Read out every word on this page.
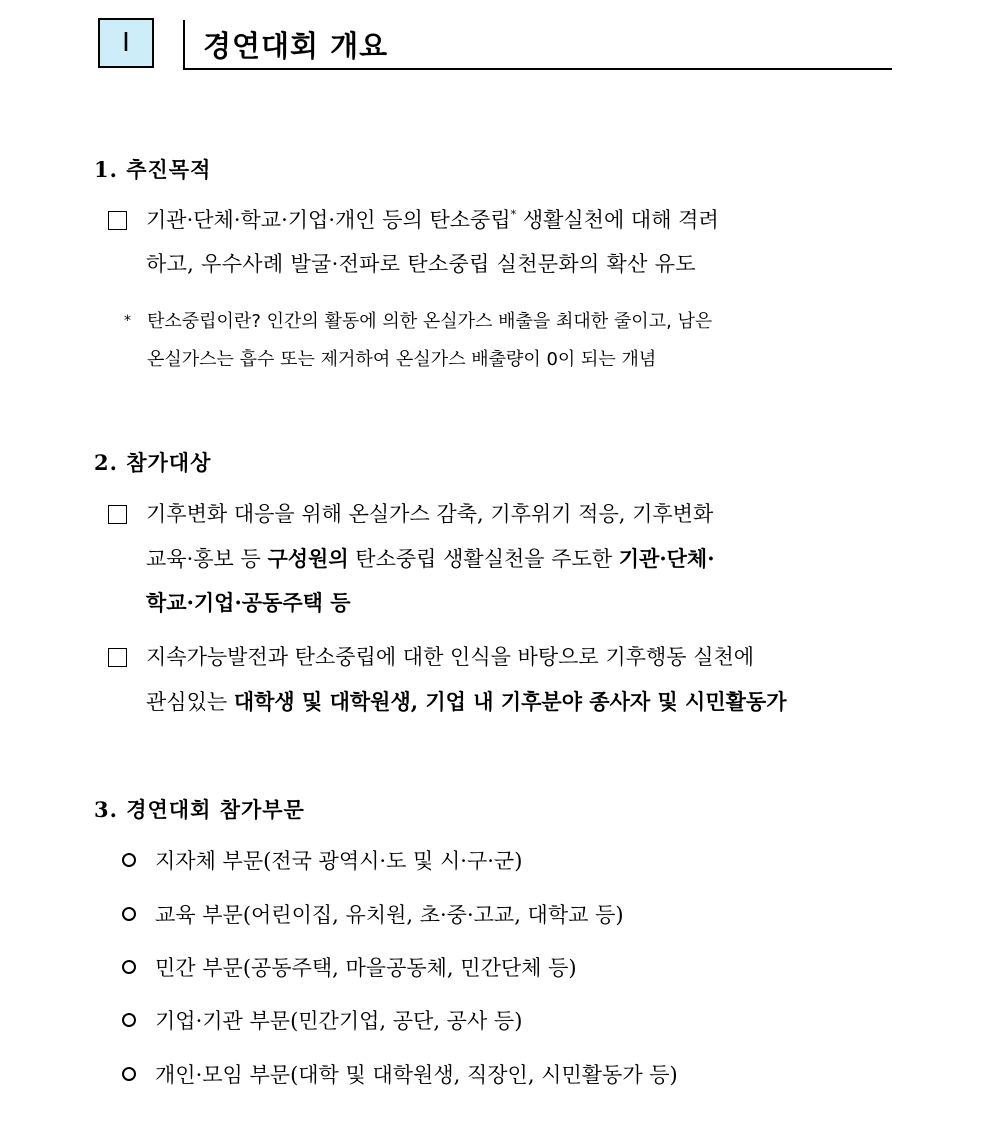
Ⅰ	경연대회 개요
1. 추진목적
기관·단체·학교·기업·개인 등의 탄소중립* 생활실천에 대해 격려
하고, 우수사례 발굴·전파로 탄소중립 실천문화의 확산 유도
* 탄소중립이란? 인간의 활동에 의한 온실가스 배출을 최대한 줄이고, 남은
온실가스는 흡수 또는 제거하여 온실가스 배출량이 0이 되는 개념
2. 참가대상
기후변화 대응을 위해 온실가스 감축, 기후위기 적응, 기후변화
교육·홍보 등 구성원의 탄소중립 생활실천을 주도한 기관·단체·
학교·기업·공동주택 등
지속가능발전과 탄소중립에 대한 인식을 바탕으로 기후행동 실천에
관심있는 대학생 및 대학원생, 기업 내 기후분야 종사자 및 시민활동가
3. 경연대회 참가부문
지자체 부문(전국 광역시·도 및 시·구·군)
교육 부문(어린이집, 유치원, 초·중·고교, 대학교 등)
민간 부문(공동주택, 마을공동체, 민간단체 등)
기업·기관 부문(민간기업, 공단, 공사 등)
개인·모임 부문(대학 및 대학원생, 직장인, 시민활동가 등)
